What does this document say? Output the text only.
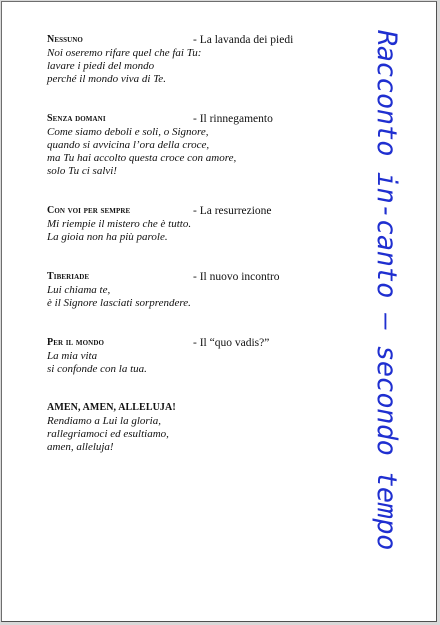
Nessuno	- La lavanda dei piedi
Noi oseremo rifare quel che fai Tu:
lavare i piedi del mondo
perché il mondo viva di Te.
Senza domani	- Il rinnegamento
Come siamo deboli e soli, o Signore,
quando si avvicina l’ora della croce,
ma Tu hai accolto questa croce con amore,
solo Tu ci salvi!
Con voi per sempre	- La resurrezione
Mi riempie il mistero che è tutto.
La gioia non ha più parole.
Tiberiade	- Il nuovo incontro
Lui chiama te,
è il Signore lasciati sorprendere.
Per il mondo	- Il “quo vadis?”
La mia vita
si confonde con la tua.
AMEN, AMEN, ALLELUJA!
Rendiamo a Lui la gloria,
rallegriamoci ed esultiamo,
amen, alleluja!	Racconto in-canto – secondo tempo
